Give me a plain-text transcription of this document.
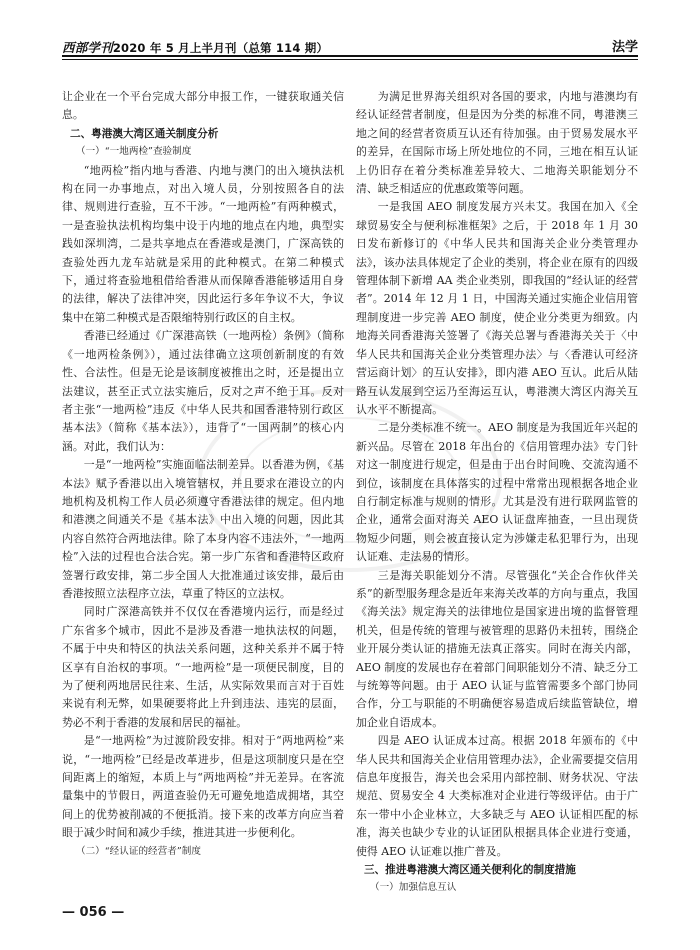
西部学刊2020 年 5 月上半月刊（总第 114 期）	法学

让企业在一个平台完成大部分申报工作，一键获取通关信息。

二、粤港澳大湾区通关制度分析
（一）“一地两检”查验制度

“地两检”指内地与香港、内地与澳门的出入境执法机构在同一办事地点，对出入境人员，分别按照各自的法律、规则进行查验，互不干涉。“一地两检”有两种模式，一是查验执法机构均集中设于内地的地点在内地，典型实践如深圳湾，二是共享地点在香港或是澳门，广深高铁的查验处西九龙车站就是采用的此种模式。在第二种模式下，通过将查验地租借给香港从而保障香港能够适用自身的法律，解决了法律冲突，因此运行多年争议不大，争议集中在第二种模式是否限缩特别行政区的自主权。

香港已经通过《广深港高铁（一地两检）条例》（简称《一地两检条例》），通过法律确立这项创新制度的有效性、合法性。但是无论是该制度被推出之时，还是提出立法建议，甚至正式立法实施后，反对之声不绝于耳。反对者主张“一地两检”违反《中华人民共和国香港特别行政区基本法》（简称《基本法》），违背了“一国两制”的核心内涵。对此，我们认为：

一是“一地两检”实施面临法制差异。以香港为例，《基本法》赋予香港以出入境管辖权，并且要求在港设立的内地机构及机构工作人员必须遵守香港法律的规定。但内地和港澳之间通关不是《基本法》中出入境的问题，因此其内容自然符合两地法律。除了本身内容不违法外，“一地两检”入法的过程也合法合宪。第一步广东省和香港特区政府签署行政安排，第二步全国人大批准通过该安排，最后由香港按照立法程序立法，草重了特区的立法权。

同时广深港高铁并不仅仅在香港境内运行，而是经过广东省多个城市，因此不是涉及香港一地执法权的问题，不属于中央和特区的执法关系问题，这种关系并不属于特区享有自治权的事项。“一地两检”是一项便民制度，目的为了便利两地居民往来、生活，从实际效果而言对于百姓来说有利无弊，如果硬要将此上升到违法、违宪的层面，势必不利于香港的发展和居民的福祉。

是“一地两检”为过渡阶段安排。相对于“两地两检”来说，“一地两检”已经是改革进步，但是这项制度只是在空间距离上的缩短，本质上与“两地两检”并无差异。在客流量集中的节假日，两道查验仍无可避免地造成拥堵，其空间上的优势被削减的不便抵消。接下来的改革方向应当着眼于减少时间和减少手续，推进其进一步便利化。

（二）“经认证的经营者”制度

为满足世界海关组织对各国的要求，内地与港澳均有经认证经营者制度，但是因为分类的标准不同，粤港澳三地之间的经营者资质互认还有待加强。由于贸易发展水平的差异，在国际市场上所处地位的不同，三地在相互认证上仍旧存在着分类标准差异较大、二地海关职能划分不清、缺乏相适应的优惠政策等问题。

一是我国 AEO 制度发展方兴未艾。我国在加入《全球贸易安全与便利标准框架》之后，于 2018 年 1 月 30 日发布新修订的《中华人民共和国海关企业分类管理办法》，该办法具体规定了企业的类别，将企业在原有的四级管理体制下新增 AA 类企业类别，即我国的“经认证的经营者”。2014 年 12 月 1 日，中国海关通过实施企业信用管理制度进一步完善 AEO 制度，使企业分类更为细致。内地海关同香港海关签署了《海关总署与香港海关关于〈中华人民共和国海关企业分类管理办法〉与〈香港认可经济营运商计划〉的互认安排》，即内港 AEO 互认。此后从陆路互认发展到空运乃至海运互认，粤港澳大湾区内海关互认水平不断提高。

二是分类标准不统一。AEO 制度是为我国近年兴起的新兴品。尽管在 2018 年出台的《信用管理办法》专门针对这一制度进行规定，但是由于出台时间晚、交流沟通不到位，该制度在具体落实的过程中常常出现根据各地企业自行制定标准与规则的情形。尤其是没有进行联网监管的企业，通常会面对海关 AEO 认证盘库抽查，一旦出现货物短少问题，则会被直接认定为涉嫌走私犯罪行为，出现认证难、走法易的情形。

三是海关职能划分不清。尽管强化“关企合作伙伴关系”的新型服务理念是近年来海关改革的方向与重点，我国《海关法》规定海关的法律地位是国家进出境的监督管理机关，但是传统的管理与被管理的思路仍未扭转，围绕企业开展分类认证的措施无法真正落实。同时在海关内部，AEO 制度的发展也存在着部门间职能划分不清、缺乏分工与统筹等问题。由于 AEO 认证与监管需要多个部门协同合作，分工与职能的不明确便容易造成后续监管缺位，增加企业自语成本。

四是 AEO 认证成本过高。根据 2018 年颁布的《中华人民共和国海关企业信用管理办法》，企业需要提交信用信息年度报告，海关也会采用内部控制、财务状况、守法规范、贸易安全 4 大类标准对企业进行等级评估。由于广东一带中小企业林立，大多缺乏与 AEO 认证相匹配的标准，海关也缺少专业的认证团队根据具体企业进行变通，使得 AEO 认证难以推广普及。

三、推进粤港澳大湾区通关便利化的制度措施
（一）加强信息互认
— 056 —
